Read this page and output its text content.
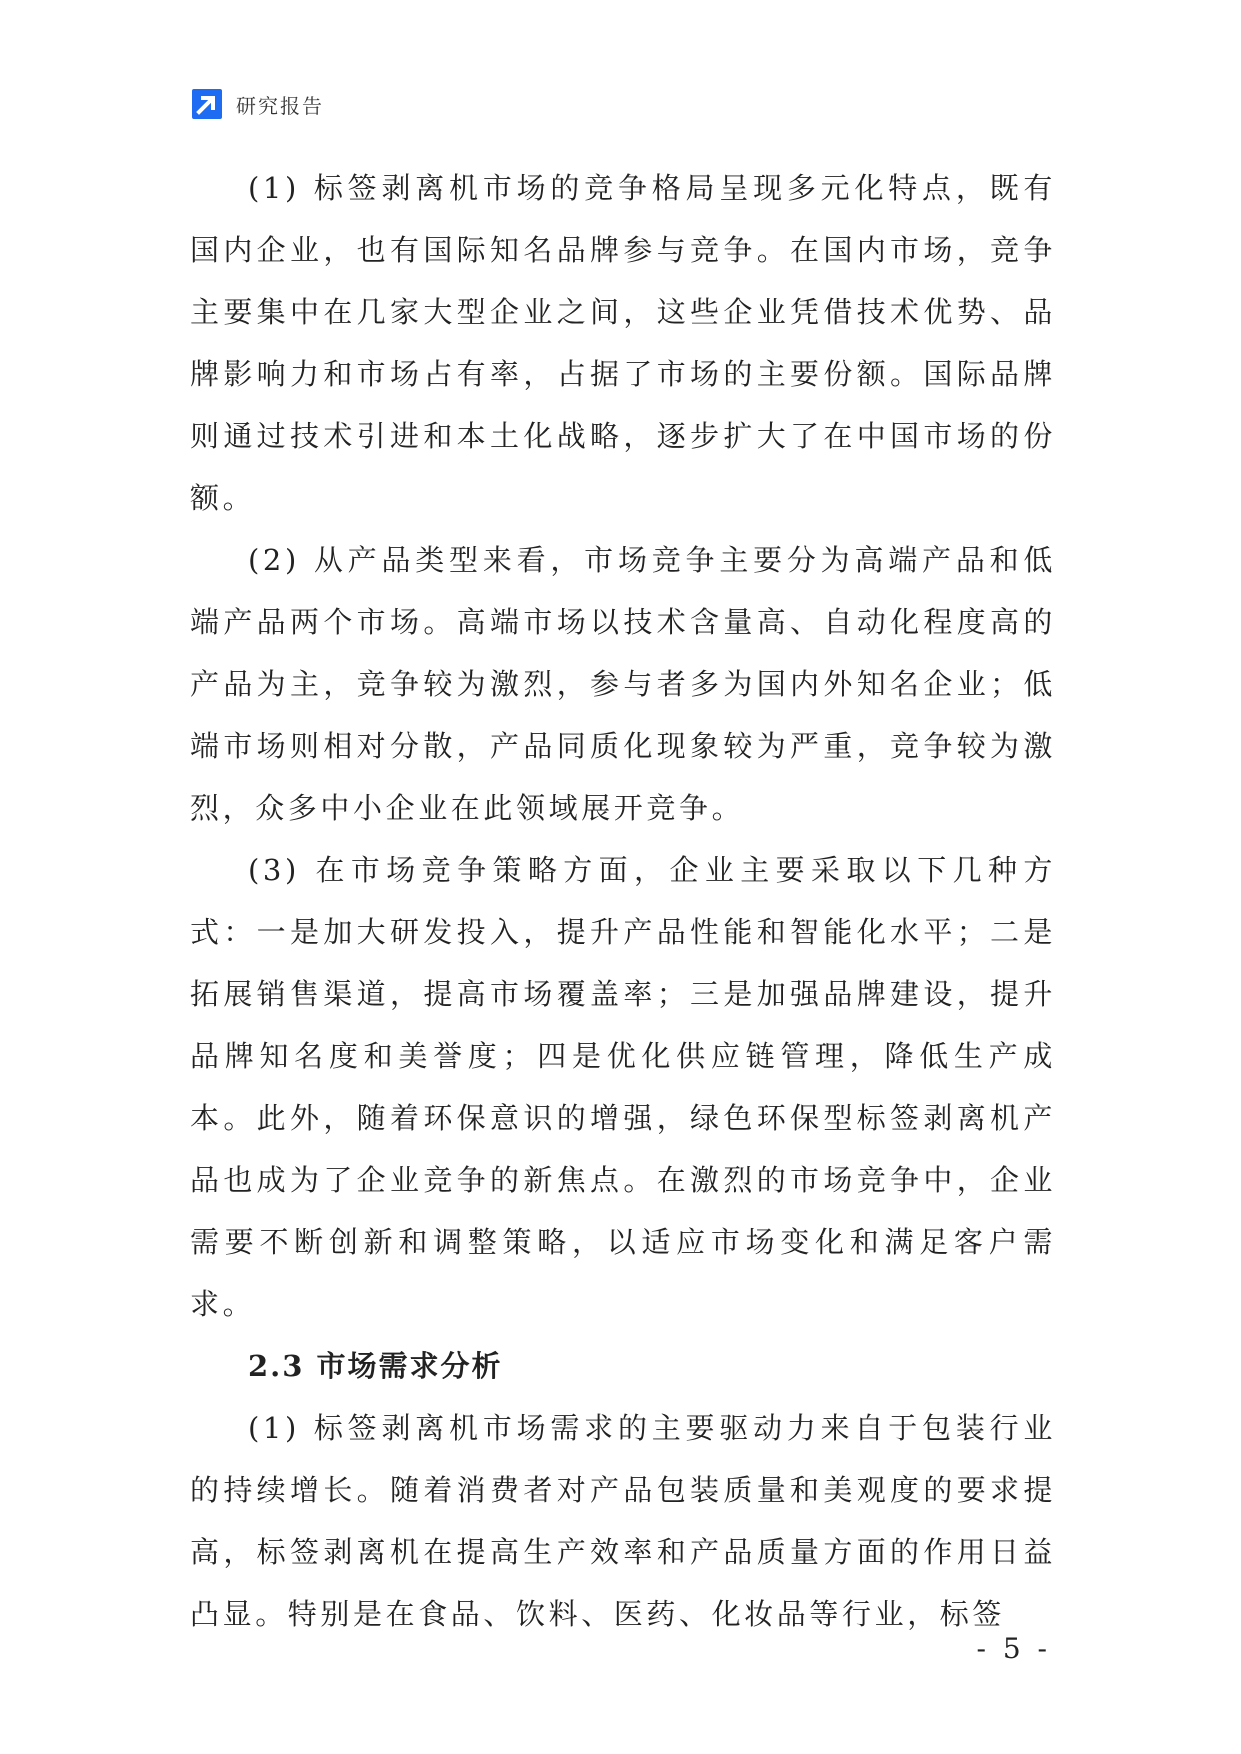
研究报告

(1) 标签剥离机市场的竞争格局呈现多元化特点，既有国内企业，也有国际知名品牌参与竞争。在国内市场，竞争主要集中在几家大型企业之间，这些企业凭借技术优势、品牌影响力和市场占有率，占据了市场的主要份额。国际品牌则通过技术引进和本土化战略，逐步扩大了在中国市场的份额。

(2) 从产品类型来看，市场竞争主要分为高端产品和低端产品两个市场。高端市场以技术含量高、自动化程度高的产品为主，竞争较为激烈，参与者多为国内外知名企业；低端市场则相对分散，产品同质化现象较为严重，竞争较为激烈，众多中小企业在此领域展开竞争。

(3) 在市场竞争策略方面，企业主要采取以下几种方式：一是加大研发投入，提升产品性能和智能化水平；二是拓展销售渠道，提高市场覆盖率；三是加强品牌建设，提升品牌知名度和美誉度；四是优化供应链管理，降低生产成本。此外，随着环保意识的增强，绿色环保型标签剥离机产品也成为了企业竞争的新焦点。在激烈的市场竞争中，企业需要不断创新和调整策略，以适应市场变化和满足客户需求。

2.3 市场需求分析

(1) 标签剥离机市场需求的主要驱动力来自于包装行业的持续增长。随着消费者对产品包装质量和美观度的要求提高，标签剥离机在提高生产效率和产品质量方面的作用日益凸显。特别是在食品、饮料、医药、化妆品等行业，标签

- 5 -
